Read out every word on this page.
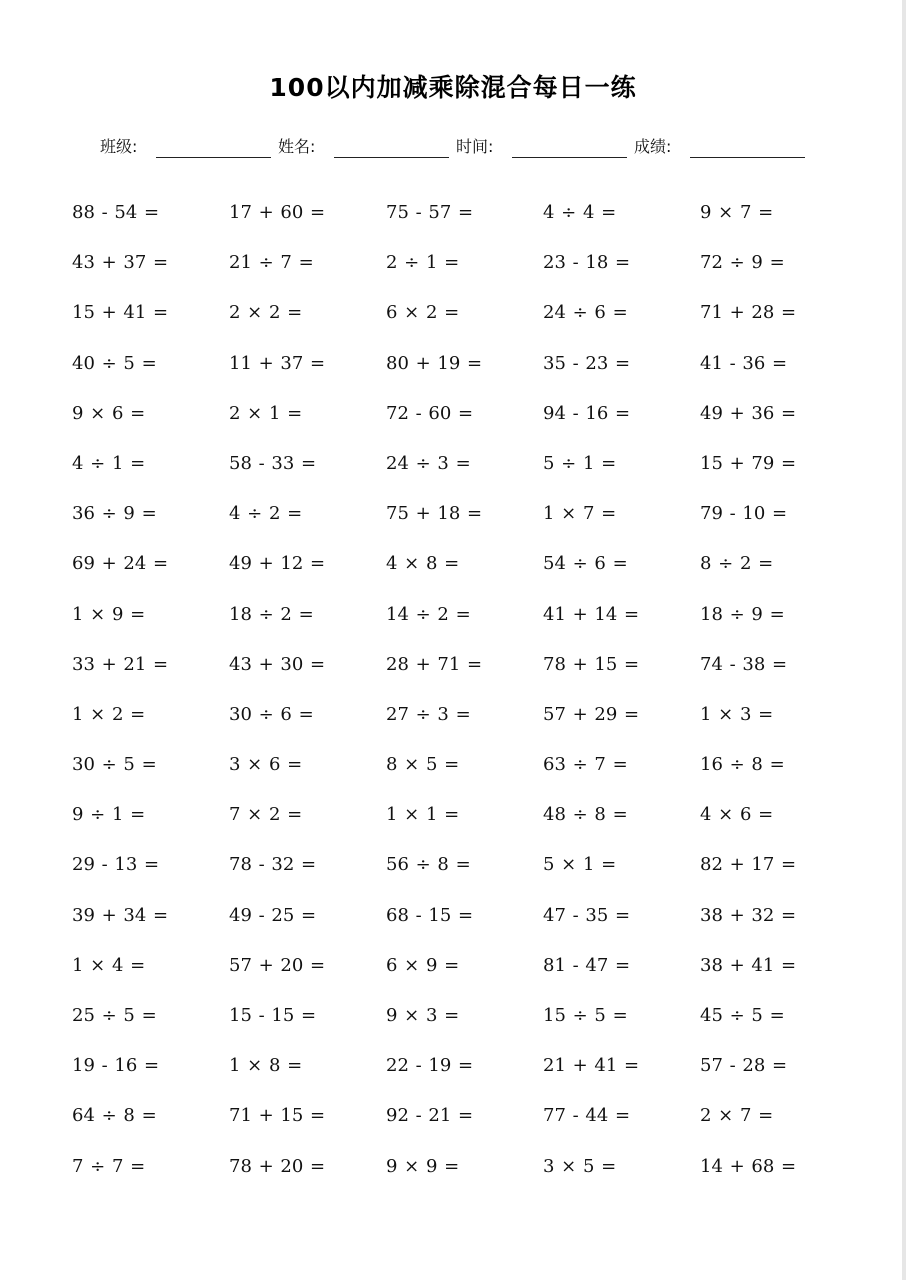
100以内加减乘除混合每日一练
班级:	姓名:	时间:	成绩:
88 - 54 =	17 + 60 =	75 - 57 =	4 ÷ 4 =	9 × 7 =
43 + 37 =	21 ÷ 7 =	2 ÷ 1 =	23 - 18 =	72 ÷ 9 =
15 + 41 =	2 × 2 =	6 × 2 =	24 ÷ 6 =	71 + 28 =
40 ÷ 5 =	11 + 37 =	80 + 19 =	35 - 23 =	41 - 36 =
9 × 6 =	2 × 1 =	72 - 60 =	94 - 16 =	49 + 36 =
4 ÷ 1 =	58 - 33 =	24 ÷ 3 =	5 ÷ 1 =	15 + 79 =
36 ÷ 9 =	4 ÷ 2 =	75 + 18 =	1 × 7 =	79 - 10 =
69 + 24 =	49 + 12 =	4 × 8 =	54 ÷ 6 =	8 ÷ 2 =
1 × 9 =	18 ÷ 2 =	14 ÷ 2 =	41 + 14 =	18 ÷ 9 =
33 + 21 =	43 + 30 =	28 + 71 =	78 + 15 =	74 - 38 =
1 × 2 =	30 ÷ 6 =	27 ÷ 3 =	57 + 29 =	1 × 3 =
30 ÷ 5 =	3 × 6 =	8 × 5 =	63 ÷ 7 =	16 ÷ 8 =
9 ÷ 1 =	7 × 2 =	1 × 1 =	48 ÷ 8 =	4 × 6 =
29 - 13 =	78 - 32 =	56 ÷ 8 =	5 × 1 =	82 + 17 =
39 + 34 =	49 - 25 =	68 - 15 =	47 - 35 =	38 + 32 =
1 × 4 =	57 + 20 =	6 × 9 =	81 - 47 =	38 + 41 =
25 ÷ 5 =	15 - 15 =	9 × 3 =	15 ÷ 5 =	45 ÷ 5 =
19 - 16 =	1 × 8 =	22 - 19 =	21 + 41 =	57 - 28 =
64 ÷ 8 =	71 + 15 =	92 - 21 =	77 - 44 =	2 × 7 =
7 ÷ 7 =	78 + 20 =	9 × 9 =	3 × 5 =	14 + 68 =
